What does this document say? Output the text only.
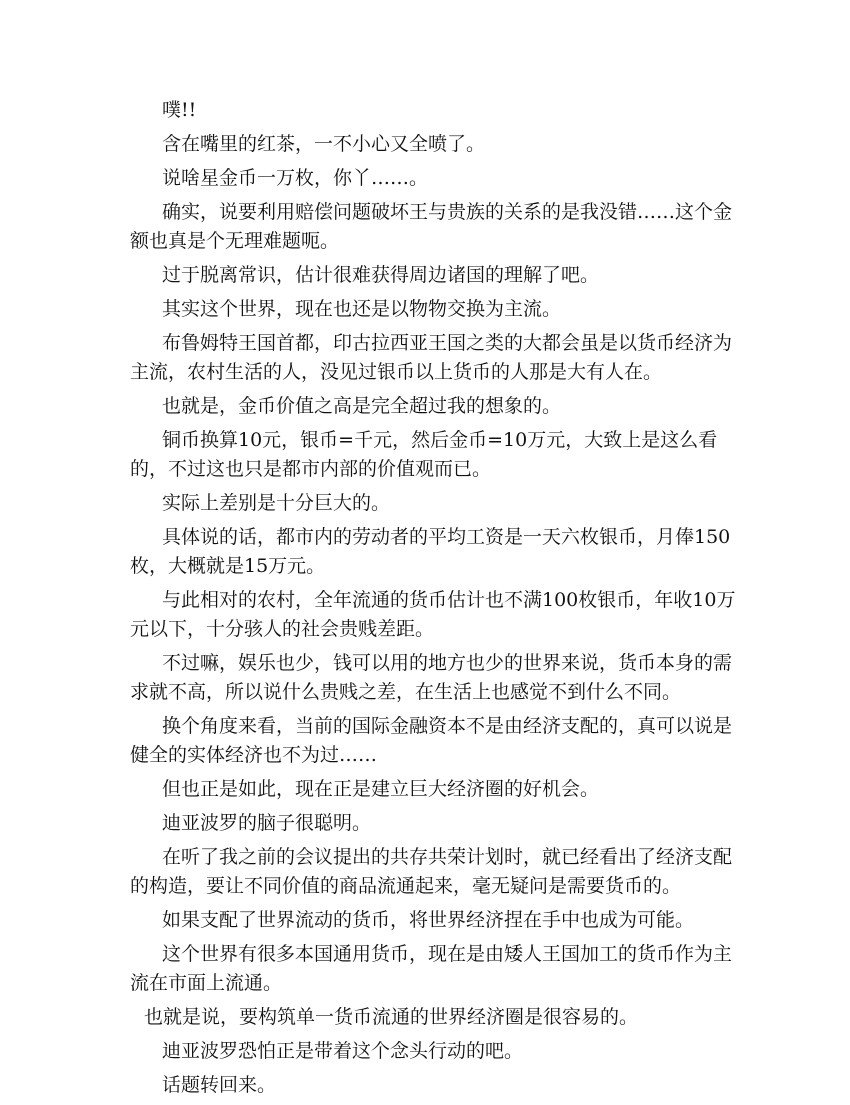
噗!!

含在嘴里的红茶，一不小心又全喷了。

说啥星金币一万枚，你丫……。

确实，说要利用赔偿问题破坏王与贵族的关系的是我没错……这个金额也真是个无理难题呃。

过于脱离常识，估计很难获得周边诸国的理解了吧。

其实这个世界，现在也还是以物物交换为主流。

布鲁姆特王国首都，印古拉西亚王国之类的大都会虽是以货币经济为主流，农村生活的人，没见过银币以上货币的人那是大有人在。

也就是，金币价值之高是完全超过我的想象的。

铜币换算10元，银币=千元，然后金币=10万元，大致上是这么看的，不过这也只是都市内部的价值观而已。

实际上差别是十分巨大的。

具体说的话，都市内的劳动者的平均工资是一天六枚银币，月俸150枚，大概就是15万元。

与此相对的农村，全年流通的货币估计也不满100枚银币，年收10万元以下，十分骇人的社会贵贱差距。

不过嘛，娱乐也少，钱可以用的地方也少的世界来说，货币本身的需求就不高，所以说什么贵贱之差，在生活上也感觉不到什么不同。

换个角度来看，当前的国际金融资本不是由经济支配的，真可以说是健全的实体经济也不为过……

但也正是如此，现在正是建立巨大经济圈的好机会。

迪亚波罗的脑子很聪明。

在听了我之前的会议提出的共存共荣计划时，就已经看出了经济支配的构造，要让不同价值的商品流通起来，毫无疑问是需要货币的。

如果支配了世界流动的货币，将世界经济捏在手中也成为可能。

这个世界有很多本国通用货币，现在是由矮人王国加工的货币作为主流在市面上流通。

也就是说，要构筑单一货币流通的世界经济圈是很容易的。

迪亚波罗恐怕正是带着这个念头行动的吧。

话题转回来。
